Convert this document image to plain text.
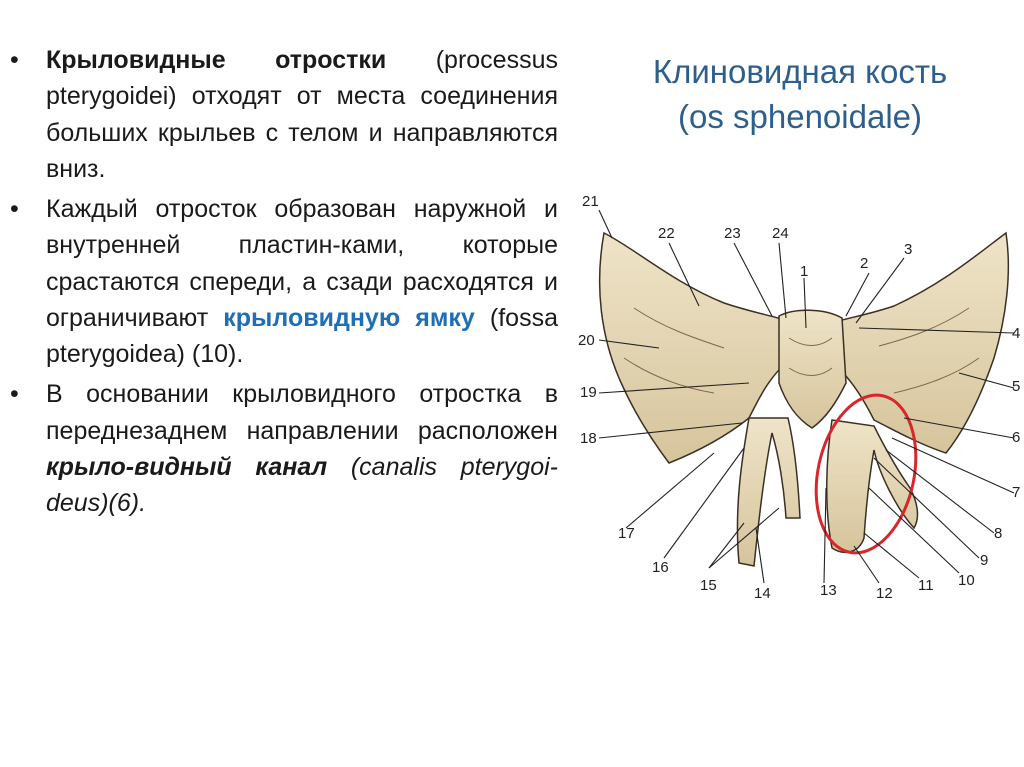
• Крыловидные отростки (processus pterygoidei) отходят от места соединения больших крыльев с телом и направляются вниз.

• Каждый отросток образован наружной и внутренней пластин-ками, которые срастаются спереди, а сзади расходятся и ограничивают крыловидную ямку (fossa pterygoidea) (10).

• В основании крыловидного отростка в переднезаднем направлении расположен крыло-видный канал (canalis pterygoi-deus)(6).

Клиновидная кость
(os sphenoidale)
1	2
3
4
5
6
7
8
9
10
11
12
13
14
15
16
17
18
19
20
21
22	23 24
